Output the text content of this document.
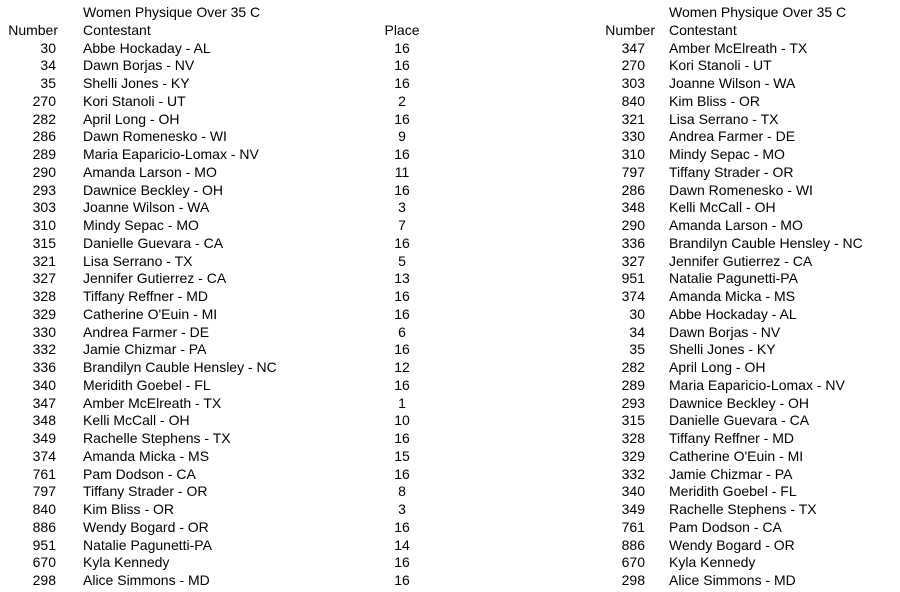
Women Physique Over 35 C
Number Contestant	Place
30 Abbe Hockaday - AL	16
34 Dawn Borjas - NV	16
35 Shelli Jones - KY	16
270 Kori Stanoli - UT	2
282 April Long - OH	16
286 Dawn Romenesko - WI	9
289 Maria Eaparicio-Lomax - NV	16
290 Amanda Larson - MO	11
293 Dawnice Beckley - OH	16
303 Joanne Wilson - WA	3
310 Mindy Sepac - MO	7
315 Danielle Guevara - CA	16
321 Lisa Serrano - TX	5
327 Jennifer Gutierrez - CA	13
328 Tiffany Reffner - MD	16
329 Catherine O'Euin - MI	16
330 Andrea Farmer - DE	6
332 Jamie Chizmar - PA	16
336 Brandilyn Cauble Hensley - NC	12
340 Meridith Goebel - FL	16
347 Amber McElreath - TX	1
348 Kelli McCall - OH	10
349 Rachelle Stephens - TX	16
374 Amanda Micka - MS	15
761 Pam Dodson - CA	16
797 Tiffany Strader - OR	8
840 Kim Bliss - OR	3
886 Wendy Bogard - OR	16
951 Natalie Pagunetti-PA	14
670 Kyla Kennedy	16
298 Alice Simmons - MD	16
Women Physique Over 35 C
Number Contestant
347 Amber McElreath - TX
270 Kori Stanoli - UT
303 Joanne Wilson - WA
840 Kim Bliss - OR
321 Lisa Serrano - TX
330 Andrea Farmer - DE
310 Mindy Sepac - MO
797 Tiffany Strader - OR
286 Dawn Romenesko - WI
348 Kelli McCall - OH
290 Amanda Larson - MO
336 Brandilyn Cauble Hensley - NC
327 Jennifer Gutierrez - CA
951 Natalie Pagunetti-PA
374 Amanda Micka - MS
30 Abbe Hockaday - AL
34 Dawn Borjas - NV
35 Shelli Jones - KY
282 April Long - OH
289 Maria Eaparicio-Lomax - NV
293 Dawnice Beckley - OH
315 Danielle Guevara - CA
328 Tiffany Reffner - MD
329 Catherine O'Euin - MI
332 Jamie Chizmar - PA
340 Meridith Goebel - FL
349 Rachelle Stephens - TX
761 Pam Dodson - CA
886 Wendy Bogard - OR
670 Kyla Kennedy
298 Alice Simmons - MD
